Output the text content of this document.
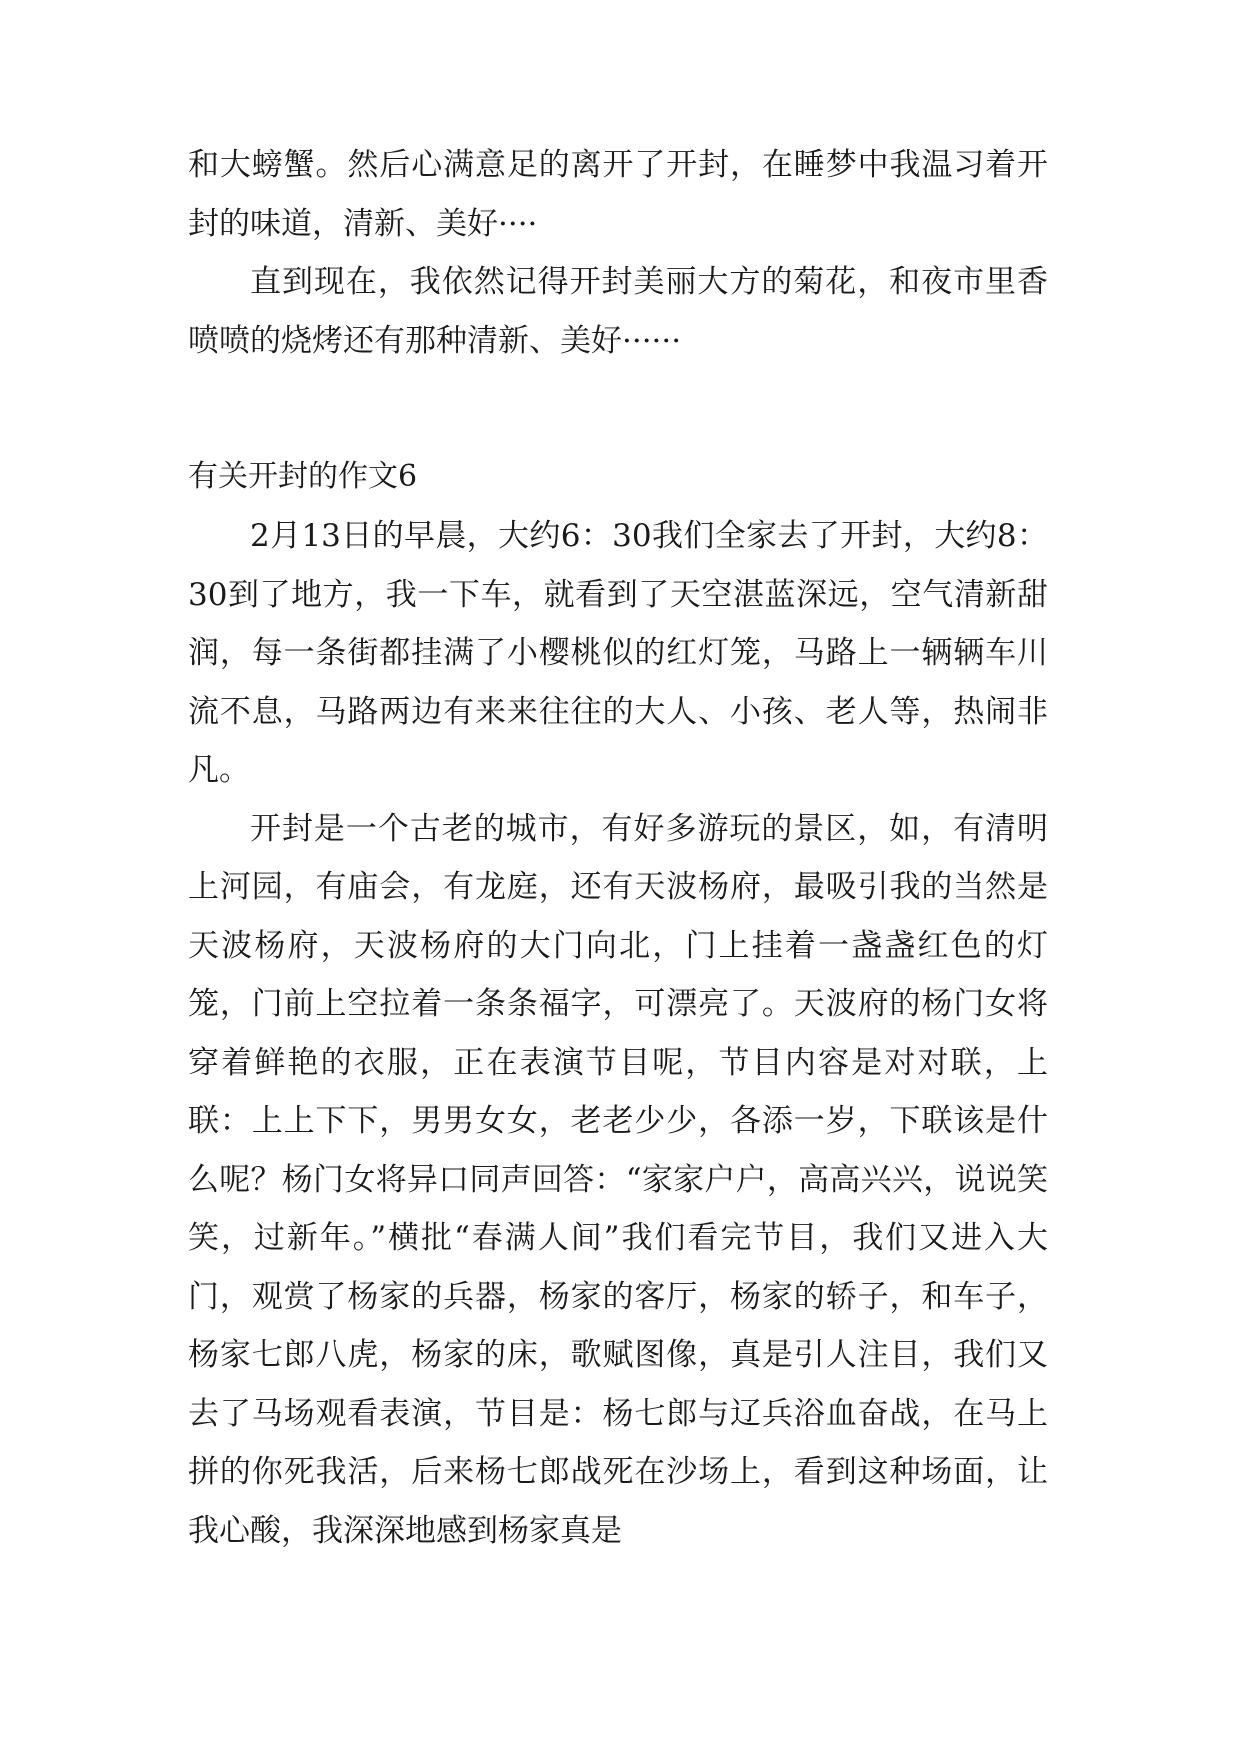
和大螃蟹。然后心满意足的离开了开封，在睡梦中我温习着开封的味道，清新、美好····

直到现在，我依然记得开封美丽大方的菊花，和夜市里香喷喷的烧烤还有那种清新、美好······

有关开封的作文6

2月13日的早晨，大约6：30我们全家去了开封，大约8：30到了地方，我一下车，就看到了天空湛蓝深远，空气清新甜润，每一条街都挂满了小樱桃似的红灯笼，马路上一辆辆车川流不息，马路两边有来来往往的大人、小孩、老人等，热闹非凡。

开封是一个古老的城市，有好多游玩的景区，如，有清明上河园，有庙会，有龙庭，还有天波杨府，最吸引我的当然是天波杨府，天波杨府的大门向北，门上挂着一盏盏红色的灯笼，门前上空拉着一条条福字，可漂亮了。天波府的杨门女将穿着鲜艳的衣服，正在表演节目呢，节目内容是对对联，上联：上上下下，男男女女，老老少少，各添一岁，下联该是什么呢？杨门女将异口同声回答：“家家户户，高高兴兴，说说笑笑，过新年。”横批“春满人间”我们看完节目，我们又进入大门，观赏了杨家的兵器，杨家的客厅，杨家的轿子，和车子，杨家七郎八虎，杨家的床，歌赋图像，真是引人注目，我们又去了马场观看表演，节目是：杨七郎与辽兵浴血奋战，在马上拼的你死我活，后来杨七郎战死在沙场上，看到这种场面，让我心酸，我深深地感到杨家真是
